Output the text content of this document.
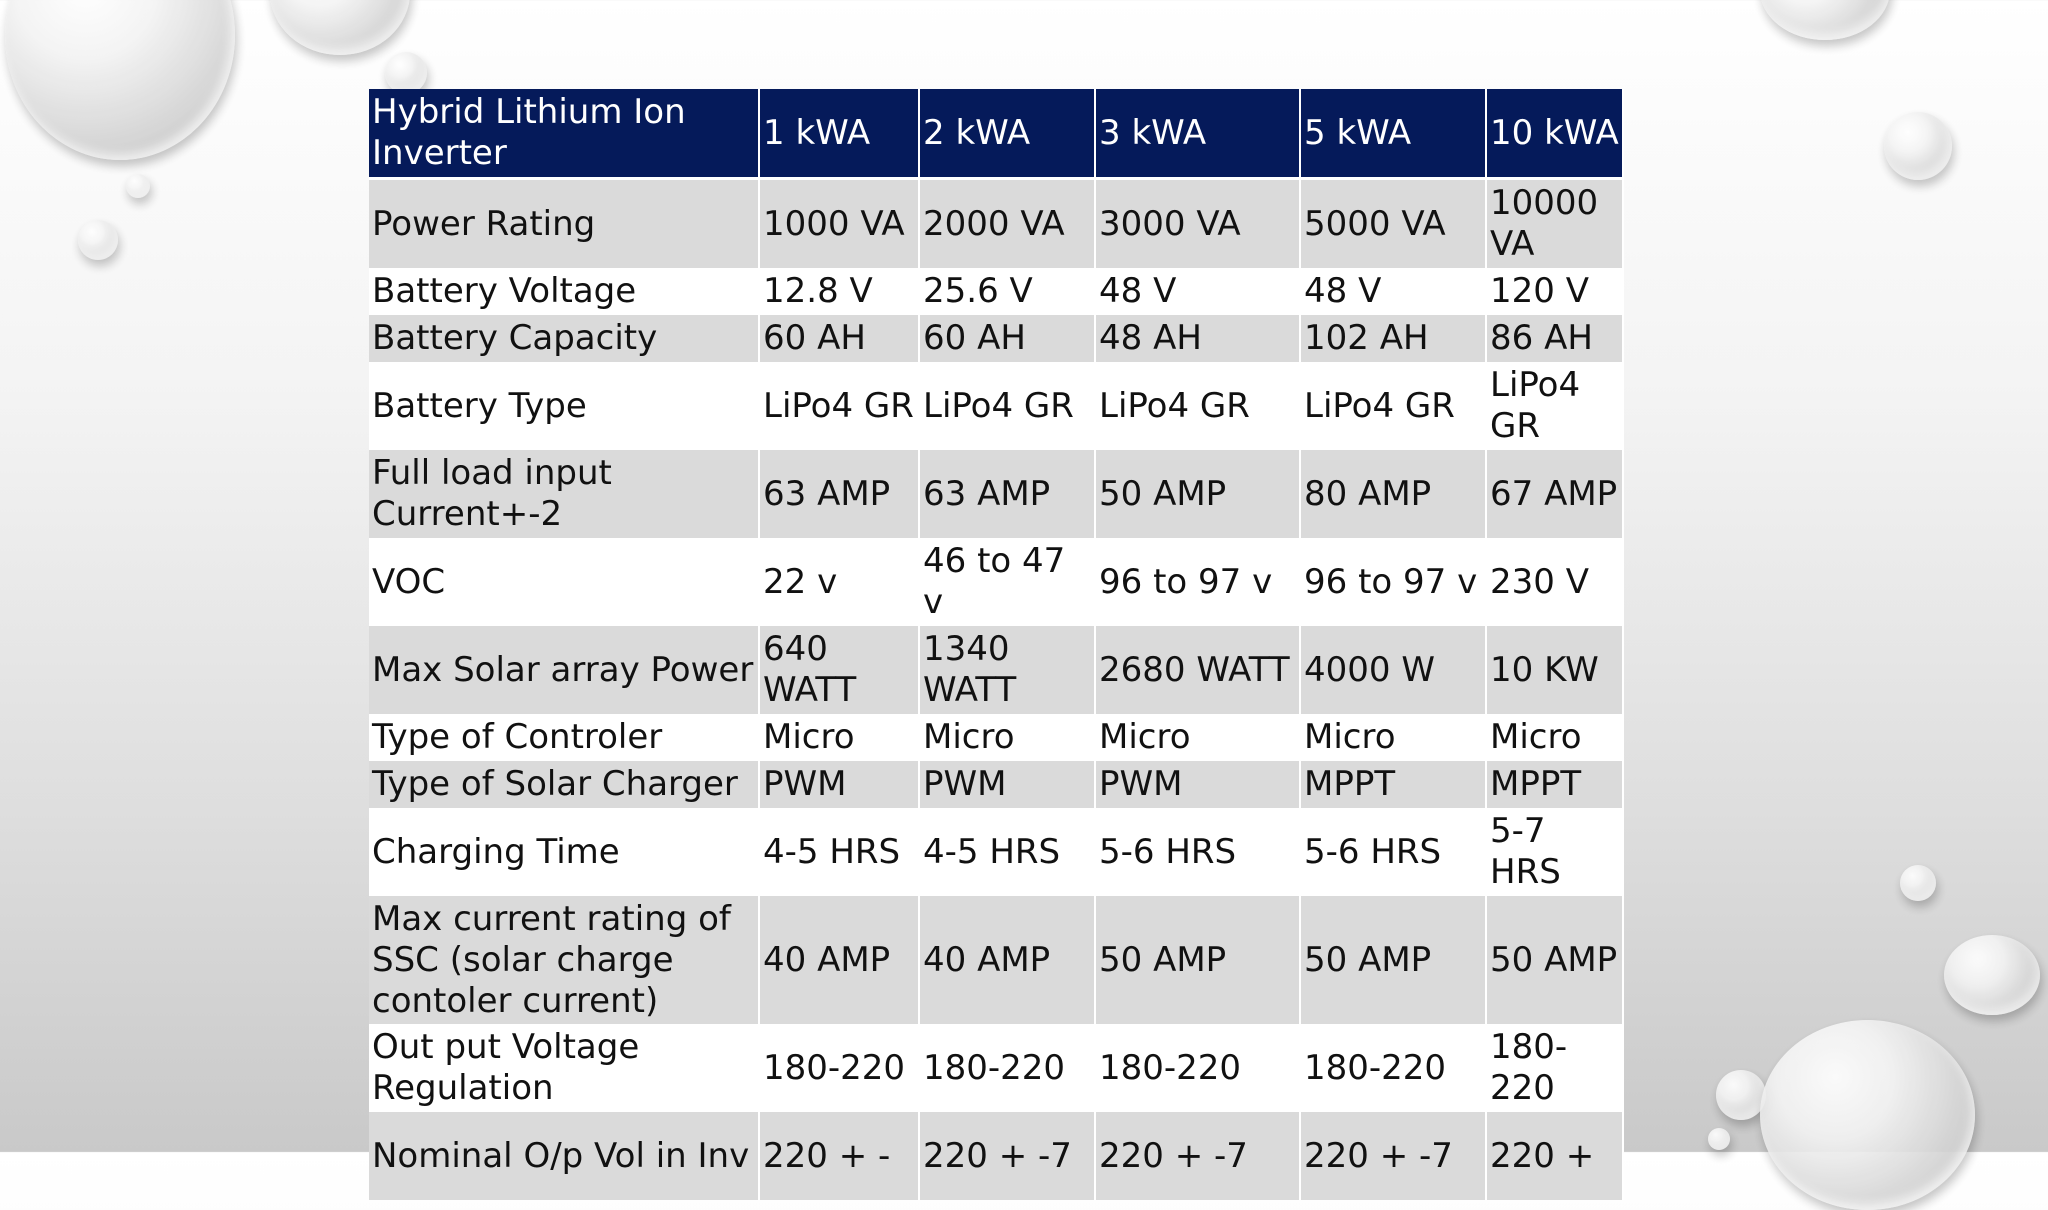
Hybrid Lithium Ion Inverter	1 kWA	2 kWA	3 kWA	5 kWA	10 kWA
Power Rating	1000 VA	2000 VA	3000 VA	5000 VA	10000VA
Battery Voltage	12.8 V	25.6 V	48 V	48 V	120 V
Battery Capacity	60 AH	60 AH	48 AH	102 AH	86 AH
Battery Type	LiPo4 GR	LiPo4 GR	LiPo4 GR	LiPo4 GR	LiPo4 GR
Full load input Current+-2	63 AMP	63 AMP	50 AMP	80 AMP	67 AMP
VOC	22 v	46 to 47 v	96 to 97 v	96 to 97 v	230 V
Max Solar array Power	640 WATT	1340 WATT	2680 WATT	4000 W	10 KW
Type of Controler	Micro	Micro	Micro	Micro	Micro
Type of Solar Charger	PWM	PWM	PWM	MPPT	MPPT
Charging Time	4-5 HRS	4-5 HRS	5-6 HRS	5-6 HRS	5-7 HRS
Max current rating of SSC (solar charge contoler current)	40 AMP	40 AMP	50 AMP	50 AMP	50 AMP
Out put Voltage Regulation	180-220	180-220	180-220	180-220	180-220
Nominal O/p Vol in Inv	220 + -	220 + -7	220 + -7	220 + -7	220 +
